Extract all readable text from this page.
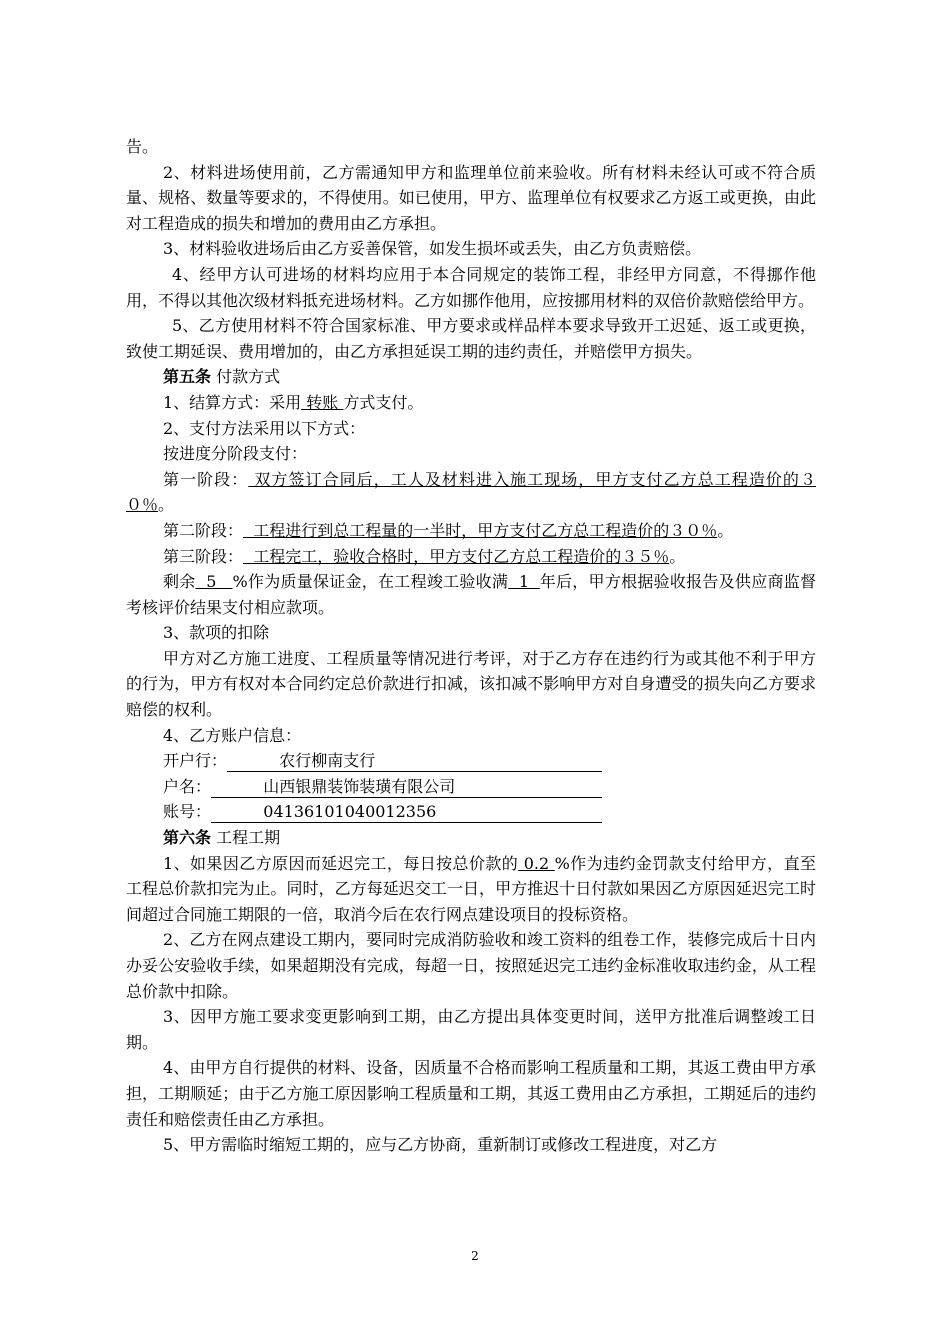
告。

2、材料进场使用前，乙方需通知甲方和监理单位前来验收。所有材料未经认可或不符合质量、规格、数量等要求的，不得使用。如已使用，甲方、监理单位有权要求乙方返工或更换，由此对工程造成的损失和增加的费用由乙方承担。

3、材料验收进场后由乙方妥善保管，如发生损坏或丢失，由乙方负责赔偿。

4、经甲方认可进场的材料均应用于本合同规定的装饰工程，非经甲方同意，不得挪作他用，不得以其他次级材料抵充进场材料。乙方如挪作他用，应按挪用材料的双倍价款赔偿给甲方。

5、乙方使用材料不符合国家标准、甲方要求或样品样本要求导致开工迟延、返工或更换，致使工期延误、费用增加的，由乙方承担延误工期的违约责任，并赔偿甲方损失。

第五条 付款方式

1、结算方式：采用 转账 方式支付。

2、支付方法采用以下方式：

按进度分阶段支付：

第一阶段： 双方签订合同后，工人及材料进入施工现场，甲方支付乙方总工程造价的３０％。

第二阶段：  工程进行到总工程量的一半时，甲方支付乙方总工程造价的３０％。

第三阶段：  工程完工，验收合格时，甲方支付乙方总工程造价的３５％。

剩余  5   %作为质量保证金，在工程竣工验收满  1  年后，甲方根据验收报告及供应商监督考核评价结果支付相应款项。

3、款项的扣除

甲方对乙方施工进度、工程质量等情况进行考评，对于乙方存在违约行为或其他不利于甲方的行为，甲方有权对本合同约定总价款进行扣减，该扣减不影响甲方对自身遭受的损失向乙方要求赔偿的权利。

4、乙方账户信息：

开户行：   农行柳南支行

户名：   山西银鼎装饰装璜有限公司

账号：   04136101040012356

第六条 工程工期

1、如果因乙方原因而延迟完工，每日按总价款的 0.2 %作为违约金罚款支付给甲方，直至工程总价款扣完为止。同时，乙方每延迟交工一日，甲方推迟十日付款如果因乙方原因延迟完工时间超过合同施工期限的一倍，取消今后在农行网点建设项目的投标资格。

2、乙方在网点建设工期内，要同时完成消防验收和竣工资料的组卷工作，装修完成后十日内办妥公安验收手续，如果超期没有完成，每超一日，按照延迟完工违约金标准收取违约金，从工程总价款中扣除。

3、因甲方施工要求变更影响到工期，由乙方提出具体变更时间，送甲方批准后调整竣工日期。

4、由甲方自行提供的材料、设备，因质量不合格而影响工程质量和工期，其返工费由甲方承担，工期顺延；由于乙方施工原因影响工程质量和工期，其返工费用由乙方承担，工期延后的违约责任和赔偿责任由乙方承担。

5、甲方需临时缩短工期的，应与乙方协商，重新制订或修改工程进度，对乙方

2
